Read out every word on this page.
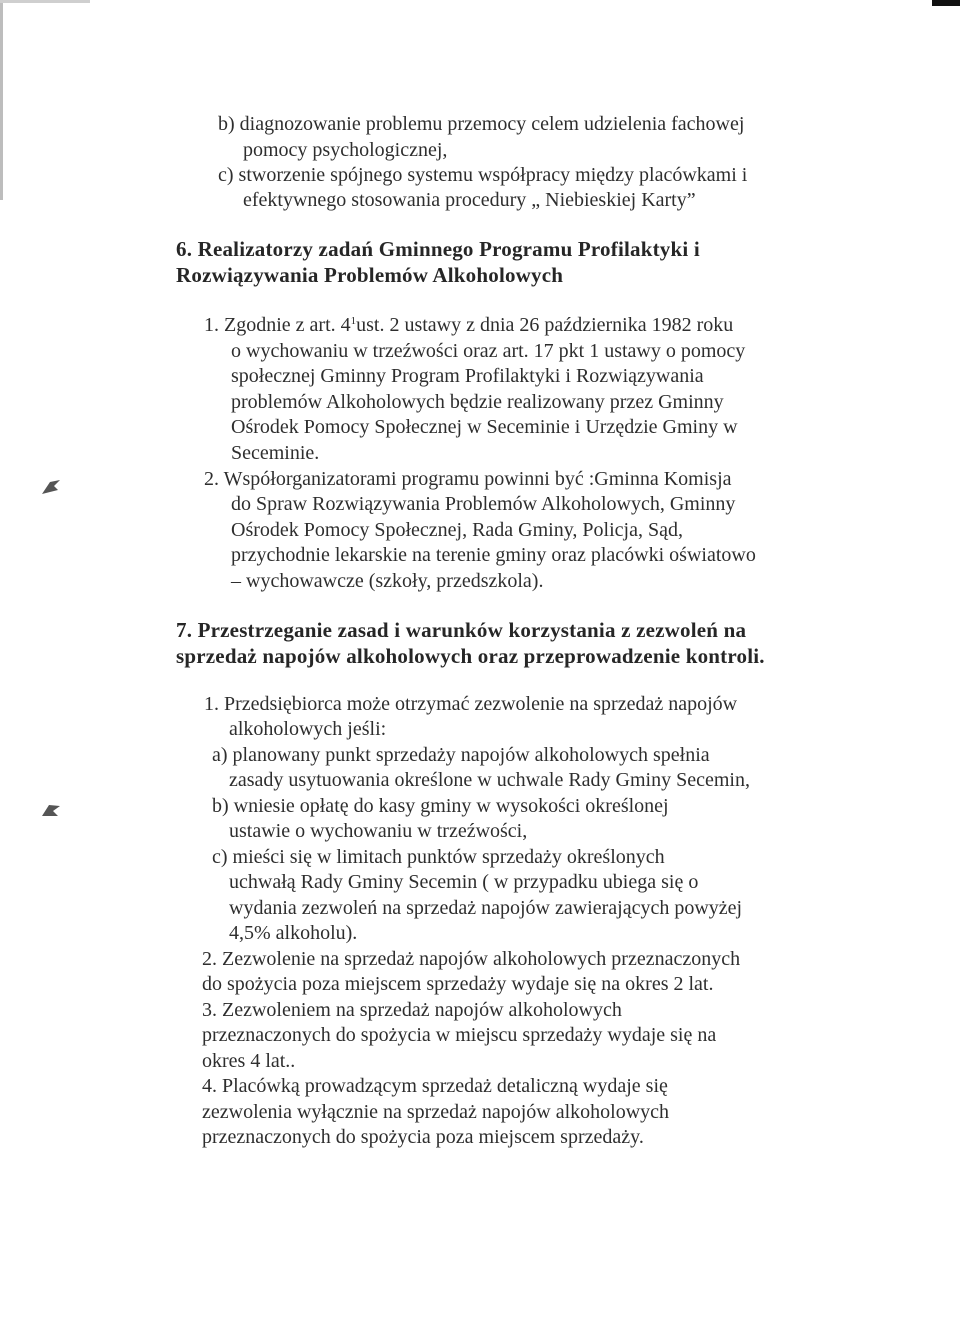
b) diagnozowanie problemu przemocy celem udzielenia fachowej
pomocy psychologicznej,
c) stworzenie spójnego systemu współpracy między placówkami i
efektywnego stosowania procedury „ Niebieskiej Karty”
6. Realizatorzy zadań Gminnego Programu Profilaktyki i
Rozwiązywania Problemów Alkoholowych
1. Zgodnie z art. $4^1ust$. 2 ustawy z dnia 26 października 1982 roku
o wychowaniu w trzeźwości oraz art. 17 pkt 1 ustawy o pomocy
społecznej Gminny Program Profilaktyki i Rozwiązywania
problemów Alkoholowych będzie realizowany przez Gminny
Ośrodek Pomocy Społecznej w Seceminie i Urzędzie Gminy w
Seceminie.
2. Współorganizatorami programu powinni być :Gminna Komisja
do Spraw Rozwiązywania Problemów Alkoholowych, Gminny
Ośrodek Pomocy Społecznej, Rada Gminy, Policja, Sąd,
przychodnie lekarskie na terenie gminy oraz placówki oświatowo
– wychowawcze (szkoły, przedszkola).
7. Przestrzeganie zasad i warunków korzystania z zezwoleń na
sprzedaż napojów alkoholowych oraz przeprowadzenie kontroli.
1. Przedsiębiorca może otrzymać zezwolenie na sprzedaż napojów
alkoholowych jeśli:
a) planowany punkt sprzedaży napojów alkoholowych spełnia
zasady usytuowania określone w uchwale Rady Gminy Secemin,
b) wniesie opłatę do kasy gminy w wysokości określonej
ustawie o wychowaniu w trzeźwości,
c) mieści się w limitach punktów sprzedaży określonych
uchwałą Rady Gminy Secemin ( w przypadku ubiega się o
wydania zezwoleń na sprzedaż napojów zawierających powyżej
4,5% alkoholu).
2. Zezwolenie na sprzedaż napojów alkoholowych przeznaczonych
do spożycia poza miejscem sprzedaży wydaje się na okres 2 lat.
3. Zezwoleniem na sprzedaż napojów alkoholowych
przeznaczonych do spożycia w miejscu sprzedaży wydaje się na
okres 4 lat..
4. Placówką prowadzącym sprzedaż detaliczną wydaje się
zezwolenia wyłącznie na sprzedaż napojów alkoholowych
przeznaczonych do spożycia poza miejscem sprzedaży.
